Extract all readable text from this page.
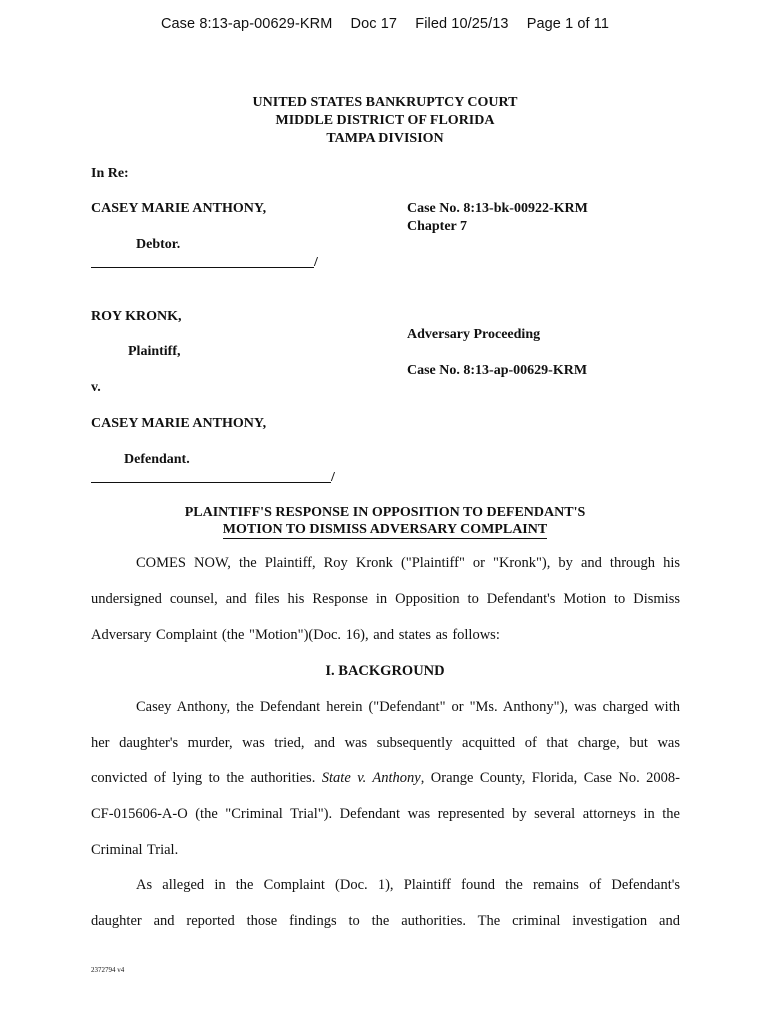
Case 8:13-ap-00629-KRM Doc 17 Filed 10/25/13 Page 1 of 11
UNITED STATES BANKRUPTCY COURT
MIDDLE DISTRICT OF FLORIDA
TAMPA DIVISION
In Re:
CASEY MARIE ANTHONY,
Debtor.
/
Case No. 8:13-bk-00922-KRM
Chapter 7
ROY KRONK,
Plaintiff,
v.
CASEY MARIE ANTHONY,
Defendant.
/
Adversary Proceeding
Case No. 8:13-ap-00629-KRM
PLAINTIFF'S RESPONSE IN OPPOSITION TO DEFENDANT'S
MOTION TO DISMISS ADVERSARY COMPLAINT
COMES NOW, the Plaintiff, Roy Kronk ("Plaintiff" or "Kronk"), by and through his
undersigned counsel, and files his Response in Opposition to Defendant's Motion to Dismiss
Adversary Complaint (the "Motion")(Doc. 16), and states as follows:
I. BACKGROUND
Casey Anthony, the Defendant herein ("Defendant" or "Ms. Anthony"), was charged with
her daughter's murder, was tried, and was subsequently acquitted of that charge, but was
convicted of lying to the authorities. State v. Anthony, Orange County, Florida, Case No. 2008-
CF-015606-A-O (the "Criminal Trial"). Defendant was represented by several attorneys in the
Criminal Trial.
As alleged in the Complaint (Doc. 1), Plaintiff found the remains of Defendant's
daughter and reported those findings to the authorities. The criminal investigation and
2372794 v4
